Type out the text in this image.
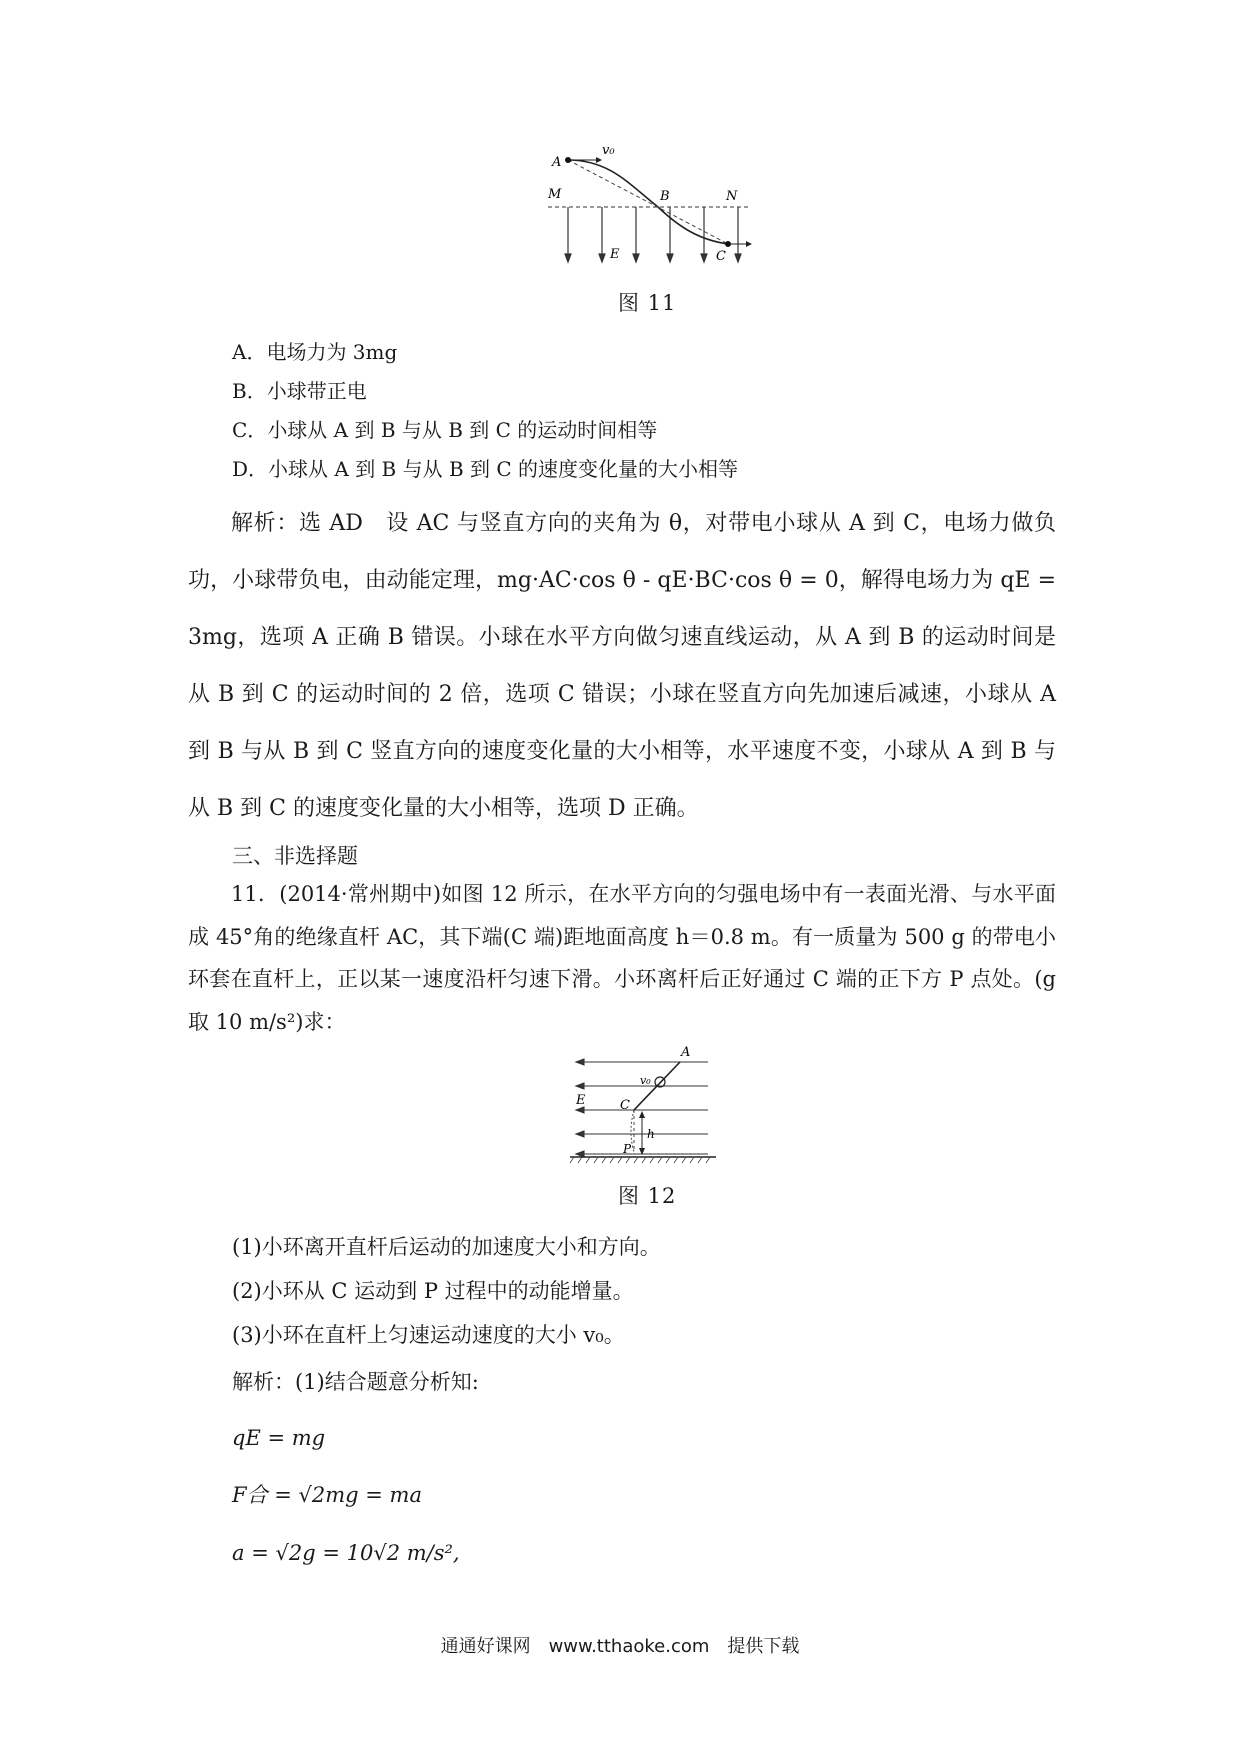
A
v₀
M	B	N
E	C
图 11
A．电场力为 3mg
B．小球带正电
C．小球从 A 到 B 与从 B 到 C 的运动时间相等
D．小球从 A 到 B 与从 B 到 C 的速度变化量的大小相等
解析：选 AD　设 AC 与竖直方向的夹角为 θ，对带电小球从 A 到 C，电场力做负功，小球带负电，由动能定理，mg·AC·cos θ - qE·BC·cos θ = 0，解得电场力为 qE = 3mg，选项 A 正确 B 错误。小球在水平方向做匀速直线运动，从 A 到 B 的运动时间是从 B 到 C 的运动时间的 2 倍，选项 C 错误；小球在竖直方向先加速后减速，小球从 A 到 B 与从 B 到 C 竖直方向的速度变化量的大小相等，水平速度不变，小球从 A 到 B 与从 B 到 C 的速度变化量的大小相等，选项 D 正确。
三、非选择题
11．(2014·常州期中)如图 12 所示，在水平方向的匀强电场中有一表面光滑、与水平面成 45°角的绝缘直杆 AC，其下端(C 端)距地面高度 h＝0.8 m。有一质量为 500 g 的带电小环套在直杆上，正以某一速度沿杆匀速下滑。小环离杆后正好通过 C 端的正下方 P 点处。(g 取 10 m/s²)求：
A
v₀
E	C
h
P
图 12
(1)小环离开直杆后运动的加速度大小和方向。
(2)小环从 C 运动到 P 过程中的动能增量。
(3)小环在直杆上匀速运动速度的大小 v₀。
解析：(1)结合题意分析知:
qE = mg
F合 = √2mg = ma
a = √2g = 10√2 m/s²,
通通好课网　www.tthaoke.com　提供下载
